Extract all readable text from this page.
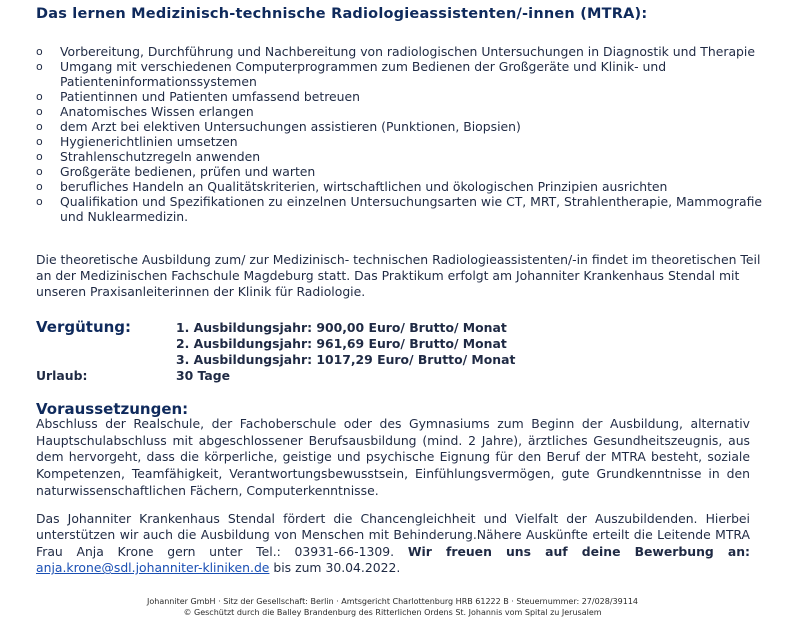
Das lernen Medizinisch-technische Radiologieassistenten/-innen (MTRA):
o Vorbereitung, Durchführung und Nachbereitung von radiologischen Untersuchungen in Diagnostik und Therapie
o Umgang mit verschiedenen Computerprogrammen zum Bedienen der Großgeräte und Klinik- und Patienteninformationssystemen
o Patientinnen und Patienten umfassend betreuen
o Anatomisches Wissen erlangen
o dem Arzt bei elektiven Untersuchungen assistieren (Punktionen, Biopsien)
o Hygienerichtlinien umsetzen
o Strahlenschutzregeln anwenden
o Großgeräte bedienen, prüfen und warten
o berufliches Handeln an Qualitätskriterien, wirtschaftlichen und ökologischen Prinzipien ausrichten
o Qualifikation und Spezifikationen zu einzelnen Untersuchungsarten wie CT, MRT, Strahlentherapie, Mammografie und Nuklearmedizin.

Die theoretische Ausbildung zum/ zur Medizinisch- technischen Radiologieassistenten/-in findet im theoretischen Teil an der Medizinischen Fachschule Magdeburg statt. Das Praktikum erfolgt am Johanniter Krankenhaus Stendal mit unseren Praxisanleiterinnen der Klinik für Radiologie.

Vergütung:	1. Ausbildungsjahr: 900,00 Euro/ Brutto/ Monat
2. Ausbildungsjahr: 961,69 Euro/ Brutto/ Monat
3. Ausbildungsjahr: 1017,29 Euro/ Brutto/ Monat
Urlaub:	30 Tage
Voraussetzungen:

Abschluss der Realschule, der Fachoberschule oder des Gymnasiums zum Beginn der Ausbildung, alternativ Hauptschulabschluss mit abgeschlossener Berufsausbildung (mind. 2 Jahre), ärztliches Gesundheitszeugnis, aus dem hervorgeht, dass die körperliche, geistige und psychische Eignung für den Beruf der MTRA besteht, soziale Kompetenzen, Teamfähigkeit, Verantwortungsbewusstsein, Einfühlungsvermögen, gute Grundkenntnisse in den naturwissenschaftlichen Fächern, Computerkenntnisse.

Das Johanniter Krankenhaus Stendal fördert die Chancengleichheit und Vielfalt der Auszubildenden. Hierbei unterstützen wir auch die Ausbildung von Menschen mit Behinderung.Nähere Auskünfte erteilt die Leitende MTRA Frau Anja Krone gern unter Tel.: 03931-66-1309. Wir freuen uns auf deine Bewerbung an: anja.krone@sdl.johanniter-kliniken.de bis zum 30.04.2022.

Johanniter GmbH · Sitz der Gesellschaft: Berlin · Amtsgericht Charlottenburg HRB 61222 B · Steuernummer: 27/028/39114
© Geschützt durch die Balley Brandenburg des Ritterlichen Ordens St. Johannis vom Spital zu Jerusalem
